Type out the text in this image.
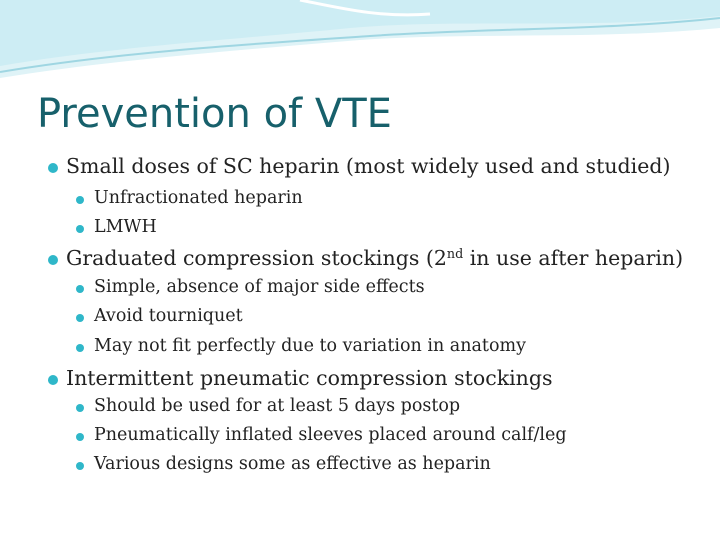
Prevention of VTE
Small doses of SC heparin (most widely used and studied)
Unfractionated heparin
LMWH
Graduated compression stockings (2nd in use after heparin)
Simple, absence of major side effects
Avoid tourniquet
May not fit perfectly due to variation in anatomy
Intermittent pneumatic compression stockings
Should be used for at least 5 days postop
Pneumatically inflated sleeves placed around calf/leg
Various designs some as effective as heparin
